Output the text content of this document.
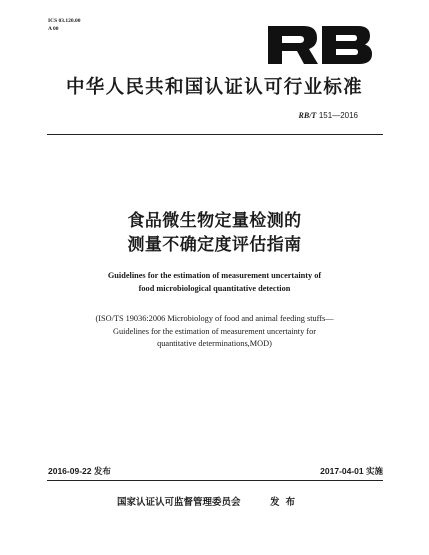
ICS 03.120.00
A 00
中华人民共和国认证认可行业标准
RB/T 151—2016
食品微生物定量检测的
测量不确定度评估指南
Guidelines for the estimation of measurement uncertainty of
food microbiological quantitative detection
(ISO/TS 19036:2006 Microbiology of food and animal feeding stuffs—
Guidelines for the estimation of measurement uncertainty for
quantitative determinations,MOD)
2016-09-22 发布	2017-04-01 实施
国家认证认可监督管理委员会	发布
